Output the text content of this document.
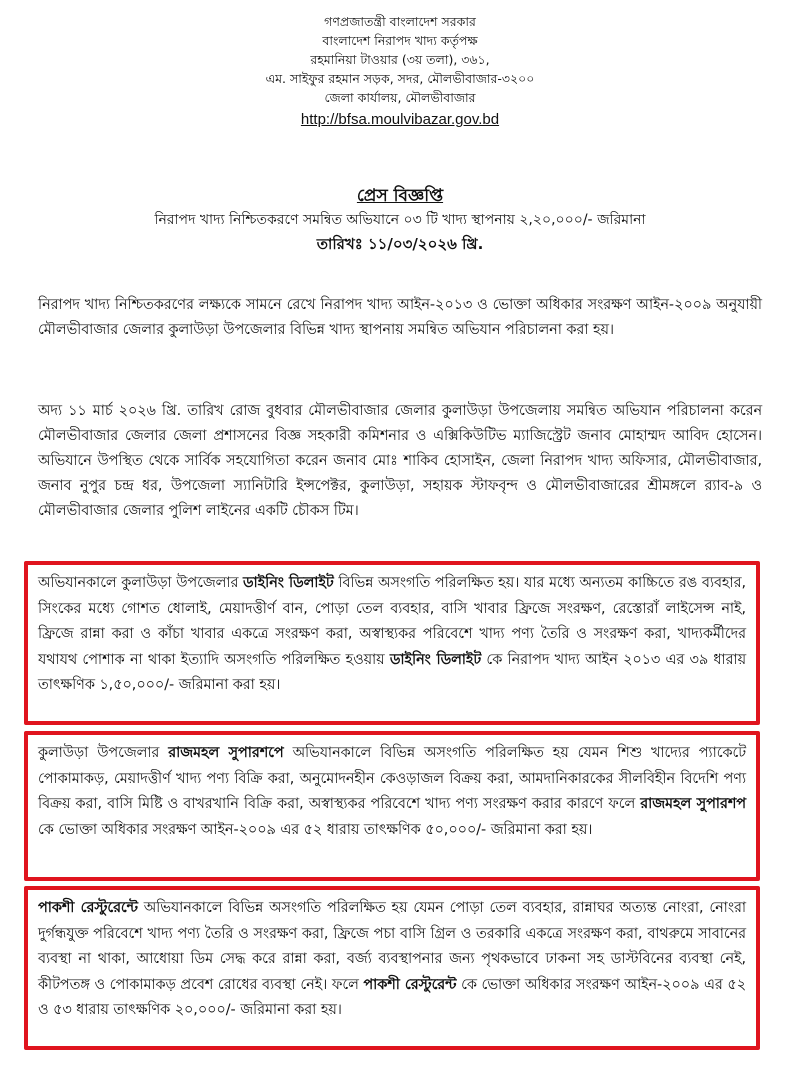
গণপ্রজাতন্ত্রী বাংলাদেশ সরকার
বাংলাদেশ নিরাপদ খাদ্য কর্তৃপক্ষ
রহমানিয়া টাওয়ার (৩য় তলা), ৩৬১,
এম. সাইফুর রহমান সড়ক, সদর, মৌলভীবাজার-৩২০০
জেলা কার্যালয়, মৌলভীবাজার
http://bfsa.moulvibazar.gov.bd
প্রেস বিজ্ঞপ্তি
নিরাপদ খাদ্য নিশ্চিতকরণে সমন্বিত অভিযানে ০৩ টি খাদ্য স্থাপনায় ২,২০,০০০/- জরিমানা
তারিখঃ ১১/০৩/২০২৬ খ্রি.

নিরাপদ খাদ্য নিশ্চিতকরণের লক্ষ্যকে সামনে রেখে নিরাপদ খাদ্য আইন-২০১৩ ও ভোক্তা অধিকার সংরক্ষণ আইন-২০০৯ অনুযায়ী মৌলভীবাজার জেলার কুলাউড়া উপজেলার বিভিন্ন খাদ্য স্থাপনায় সমন্বিত অভিযান পরিচালনা করা হয়।

অদ্য ১১ মার্চ ২০২৬ খ্রি. তারিখ রোজ বুধবার মৌলভীবাজার জেলার কুলাউড়া উপজেলায় সমন্বিত অভিযান পরিচালনা করেন মৌলভীবাজার জেলার জেলা প্রশাসনের বিজ্ঞ সহকারী কমিশনার ও এক্সিকিউটিভ ম্যাজিস্ট্রেট জনাব মোহাম্মদ আবিদ হোসেন। অভিযানে উপস্থিত থেকে সার্বিক সহযোগিতা করেন জনাব মোঃ শাকিব হোসাইন, জেলা নিরাপদ খাদ্য অফিসার, মৌলভীবাজার, জনাব নুপুর চন্দ্র ধর, উপজেলা স্যানিটারি ইন্সপেক্টর, কুলাউড়া, সহায়ক স্টাফবৃন্দ ও মৌলভীবাজারের শ্রীমঙ্গলে র‍্যাব-৯ ও মৌলভীবাজার জেলার পুলিশ লাইনের একটি চৌকস টিম।

অভিযানকালে কুলাউড়া উপজেলার ডাইনিং ডিলাইট বিভিন্ন অসংগতি পরিলক্ষিত হয়। যার মধ্যে অন্যতম কাচ্চিতে রঙ ব্যবহার, সিংকের মধ্যে গোশত ধোলাই, মেয়াদত্তীর্ণ বান, পোড়া তেল ব্যবহার, বাসি খাবার ফ্রিজে সংরক্ষণ, রেস্তোরাঁ লাইসেন্স নাই, ফ্রিজে রান্না করা ও কাঁচা খাবার একত্রে সংরক্ষণ করা, অস্বাস্থ্যকর পরিবেশে খাদ্য পণ্য তৈরি ও সংরক্ষণ করা, খাদ্যকর্মীদের যথাযথ পোশাক না থাকা ইত্যাদি অসংগতি পরিলক্ষিত হওয়ায় ডাইনিং ডিলাইট কে নিরাপদ খাদ্য আইন ২০১৩ এর ৩৯ ধারায় তাৎক্ষণিক ১,৫০,০০০/- জরিমানা করা হয়।

কুলাউড়া উপজেলার রাজমহল সুপারশপে অভিযানকালে বিভিন্ন অসংগতি পরিলক্ষিত হয় যেমন শিশু খাদ্যের প্যাকেটে পোকামাকড়, মেয়াদত্তীর্ণ খাদ্য পণ্য বিক্রি করা, অনুমোদনহীন কেওড়াজল বিক্রয় করা, আমদানিকারকের সীলবিহীন বিদেশি পণ্য বিক্রয় করা, বাসি মিষ্টি ও বাখরখানি বিক্রি করা, অস্বাস্থ্যকর পরিবেশে খাদ্য পণ্য সংরক্ষণ করার কারণে ফলে রাজমহল সুপারশপ কে ভোক্তা অধিকার সংরক্ষণ আইন-২০০৯ এর ৫২ ধারায় তাৎক্ষণিক ৫০,০০০/- জরিমানা করা হয়।

পাকশী রেস্টুরেন্টে অভিযানকালে বিভিন্ন অসংগতি পরিলক্ষিত হয় যেমন পোড়া তেল ব্যবহার, রান্নাঘর অত্যন্ত নোংরা, নোংরা দুর্গন্ধযুক্ত পরিবেশে খাদ্য পণ্য তৈরি ও সংরক্ষণ করা, ফ্রিজে পচা বাসি গ্রিল ও তরকারি একত্রে সংরক্ষণ করা, বাথরুমে সাবানের ব্যবস্থা না থাকা, আধোয়া ডিম সেদ্ধ করে রান্না করা, বর্জ্য ব্যবস্থাপনার জন্য পৃথকভাবে ঢাকনা সহ ডাস্টবিনের ব্যবস্থা নেই, কীটপতঙ্গ ও পোকামাকড় প্রবেশ রোধের ব্যবস্থা নেই। ফলে পাকশী রেস্টুরেন্ট কে ভোক্তা অধিকার সংরক্ষণ আইন-২০০৯ এর ৫২ ও ৫৩ ধারায় তাৎক্ষণিক ২০,০০০/- জরিমানা করা হয়।
